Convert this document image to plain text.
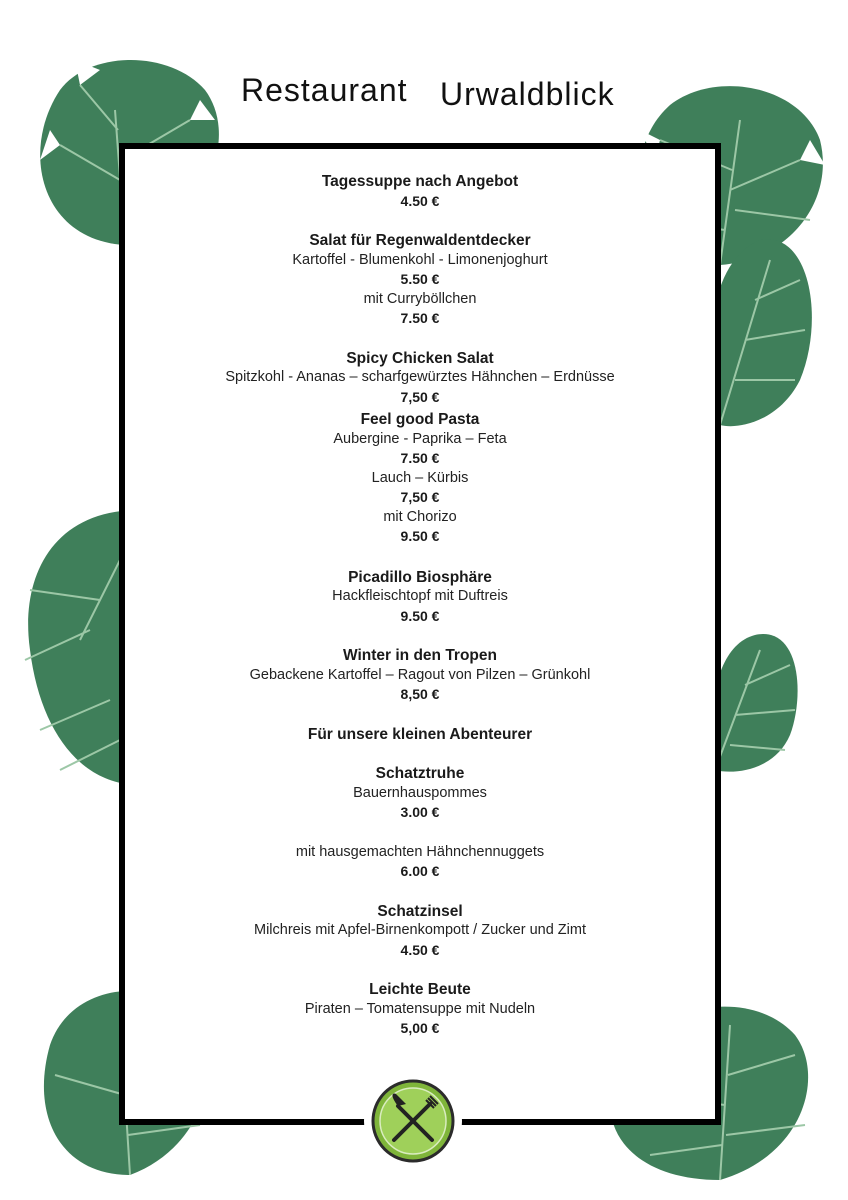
Restaurant Urwaldblick
Tagessuppe nach Angebot
4.50 €
Salat für Regenwaldentdecker
Kartoffel - Blumenkohl - Limonenjoghurt
5.50 €
mit Curryböllchen
7.50 €
Spicy Chicken Salat
Spitzkohl - Ananas – scharfgewürztes Hähnchen – Erdnüsse
7,50 €
Feel good Pasta
Aubergine - Paprika – Feta
7.50 €
Lauch – Kürbis
7,50 €
mit Chorizo
9.50 €
Picadillo Biosphäre
Hackfleischtopf mit Duftreis
9.50 €
Winter in den Tropen
Gebackene Kartoffel – Ragout von Pilzen – Grünkohl
8,50 €
Für unsere kleinen Abenteurer
Schatztruhe
Bauernhauspommes
3.00 €
mit hausgemachten Hähnchennuggets
6.00 €
Schatzinsel
Milchreis mit Apfel-Birnenkompott / Zucker und Zimt
4.50 €
Leichte Beute
Piraten – Tomatensuppe mit Nudeln
5,00 €
